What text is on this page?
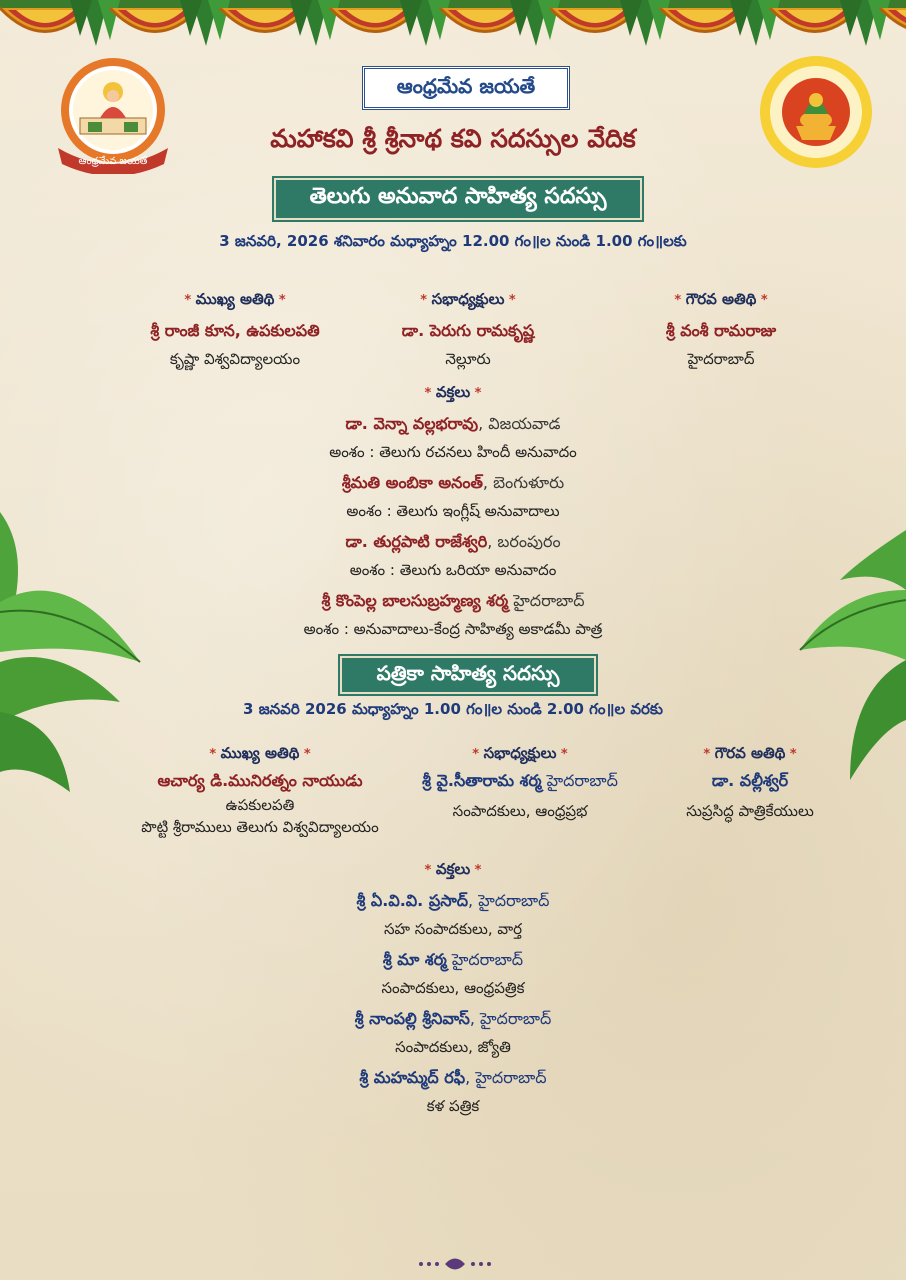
ఆంధ్రమేవ జయతే
ఆంధ్రమేవ జయతే
మహాకవి శ్రీ శ్రీనాథ కవి సదస్సుల వేదిక
తెలుగు అనువాద సాహిత్య సదస్సు
3 జనవరి, 2026 శనివారం మధ్యాహ్నం 12.00 గం॥ల నుండి 1.00 గం॥లకు
* ముఖ్య అతిథి *
శ్రీ రాంజీ కూన, ఉపకులపతి
కృష్ణా విశ్వవిద్యాలయం
* సభాధ్యక్షులు *
డా. పెరుగు రామకృష్ణ
నెల్లూరు
* గౌరవ అతిథి *
శ్రీ వంశీ రామరాజు
హైదరాబాద్
* వక్తలు *
డా. వెన్నా వల్లభరావు, విజయవాడ
అంశం : తెలుగు రచనలు హిందీ అనువాదం
శ్రీమతి అంబికా అనంత్, బెంగుళూరు
అంశం : తెలుగు ఇంగ్లీష్ అనువాదాలు
డా. తుర్లపాటి రాజేశ్వరి, బరంపురం
అంశం : తెలుగు ఒరియా అనువాదం
శ్రీ కొంపెల్ల బాలసుబ్రహ్మణ్య శర్మ హైదరాబాద్
అంశం : అనువాదాలు-కేంద్ర సాహిత్య అకాడమీ పాత్ర
పత్రికా సాహిత్య సదస్సు
3 జనవరి 2026 మధ్యాహ్నం 1.00 గం॥ల నుండి 2.00 గం॥ల వరకు
* ముఖ్య అతిథి *
ఆచార్య డి.మునిరత్నం నాయుడు
ఉపకులపతి
పొట్టి శ్రీరాములు తెలుగు విశ్వవిద్యాలయం
* సభాధ్యక్షులు *
శ్రీ వై.సీతారామ శర్మ హైదరాబాద్
సంపాదకులు, ఆంధ్రప్రభ
* గౌరవ అతిథి *
డా. వల్లీశ్వర్
సుప్రసిద్ధ పాత్రికేయులు
* వక్తలు *
శ్రీ ఏ.వి.వి. ప్రసాద్, హైదరాబాద్
సహ సంపాదకులు, వార్త
శ్రీ మా శర్మ హైదరాబాద్
సంపాదకులు, ఆంధ్రపత్రిక
శ్రీ నాంపల్లి శ్రీనివాస్, హైదరాబాద్
సంపాదకులు, జ్యోతి
శ్రీ మహమ్మద్ రఫీ, హైదరాబాద్
కళ పత్రిక
